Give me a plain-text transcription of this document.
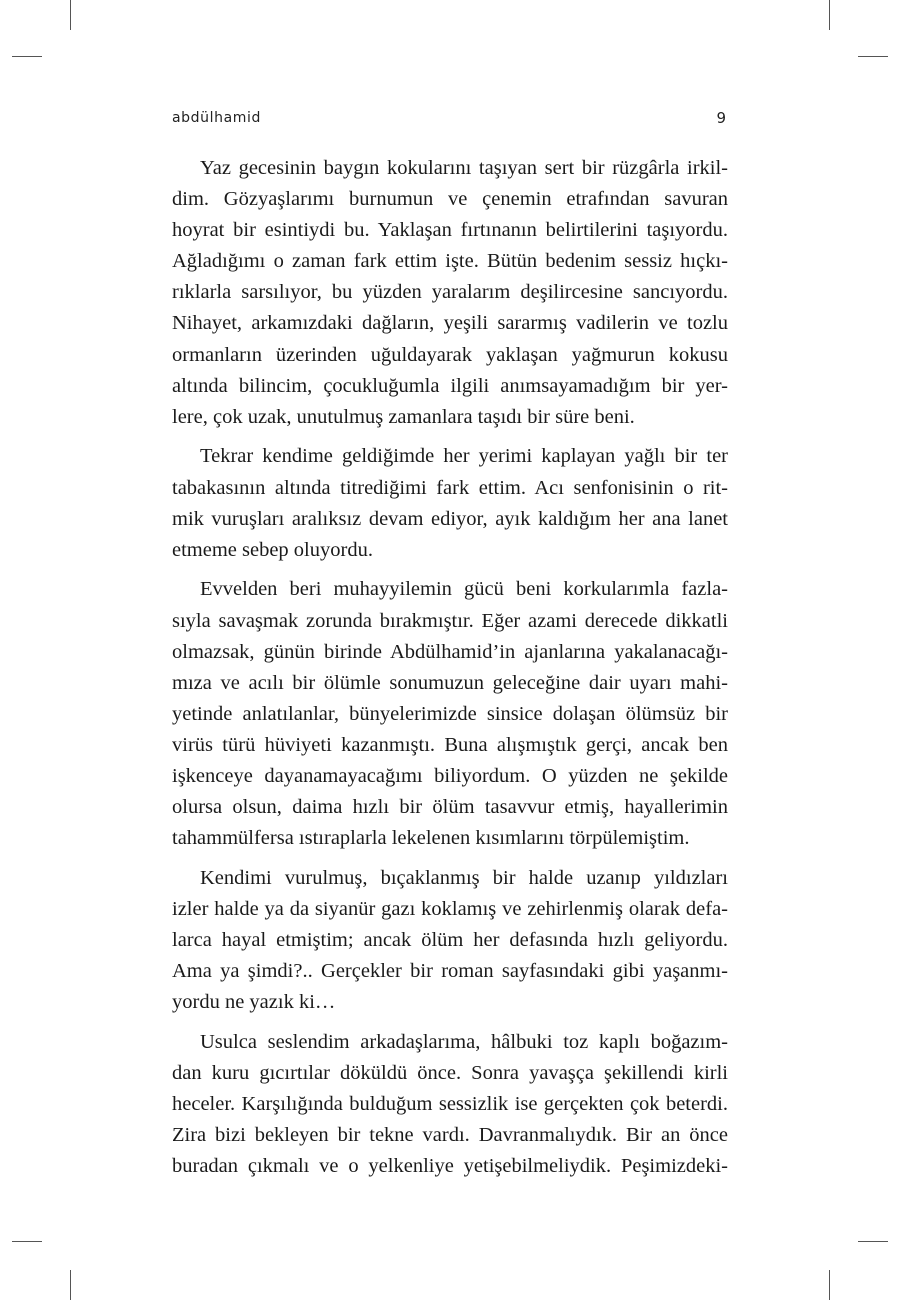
abdülhamid	9

Yaz gecesinin baygın kokularını taşıyan sert bir rüzgârla irkil-
dim. Gözyaşlarımı burnumun ve çenemin etrafından savuran
hoyrat bir esintiydi bu. Yaklaşan fırtınanın belirtilerini taşıyordu.
Ağladığımı o zaman fark ettim işte. Bütün bedenim sessiz hıçkı-
rıklarla sarsılıyor, bu yüzden yaralarım deşilircesine sancıyordu.
Nihayet, arkamızdaki dağların, yeşili sararmış vadilerin ve tozlu
ormanların üzerinden uğuldayarak yaklaşan yağmurun kokusu
altında bilincim, çocukluğumla ilgili anımsayamadığım bir yer-
lere, çok uzak, unutulmuş zamanlara taşıdı bir süre beni.

Tekrar kendime geldiğimde her yerimi kaplayan yağlı bir ter
tabakasının altında titrediğimi fark ettim. Acı senfonisinin o rit-
mik vuruşları aralıksız devam ediyor, ayık kaldığım her ana lanet
etmeme sebep oluyordu.

Evvelden beri muhayyilemin gücü beni korkularımla fazla-
sıyla savaşmak zorunda bırakmıştır. Eğer azami derecede dikkatli
olmazsak, günün birinde Abdülhamid’in ajanlarına yakalanacağı-
mıza ve acılı bir ölümle sonumuzun geleceğine dair uyarı mahi-
yetinde anlatılanlar, bünyelerimizde sinsice dolaşan ölümsüz bir
virüs türü hüviyeti kazanmıştı. Buna alışmıştık gerçi, ancak ben
işkenceye dayanamayacağımı biliyordum. O yüzden ne şekilde
olursa olsun, daima hızlı bir ölüm tasavvur etmiş, hayallerimin
tahammülfersa ıstıraplarla lekelenen kısımlarını törpülemiştim.

Kendimi vurulmuş, bıçaklanmış bir halde uzanıp yıldızları
izler halde ya da siyanür gazı koklamış ve zehirlenmiş olarak defa-
larca hayal etmiştim; ancak ölüm her defasında hızlı geliyordu.
Ama ya şimdi?.. Gerçekler bir roman sayfasındaki gibi yaşanmı-
yordu ne yazık ki…

Usulca seslendim arkadaşlarıma, hâlbuki toz kaplı boğazım-
dan kuru gıcırtılar döküldü önce. Sonra yavaşça şekillendi kirli
heceler. Karşılığında bulduğum sessizlik ise gerçekten çok beterdi.
Zira bizi bekleyen bir tekne vardı. Davranmalıydık. Bir an önce
buradan çıkmalı ve o yelkenliye yetişebilmeliydik. Peşimizdeki-
